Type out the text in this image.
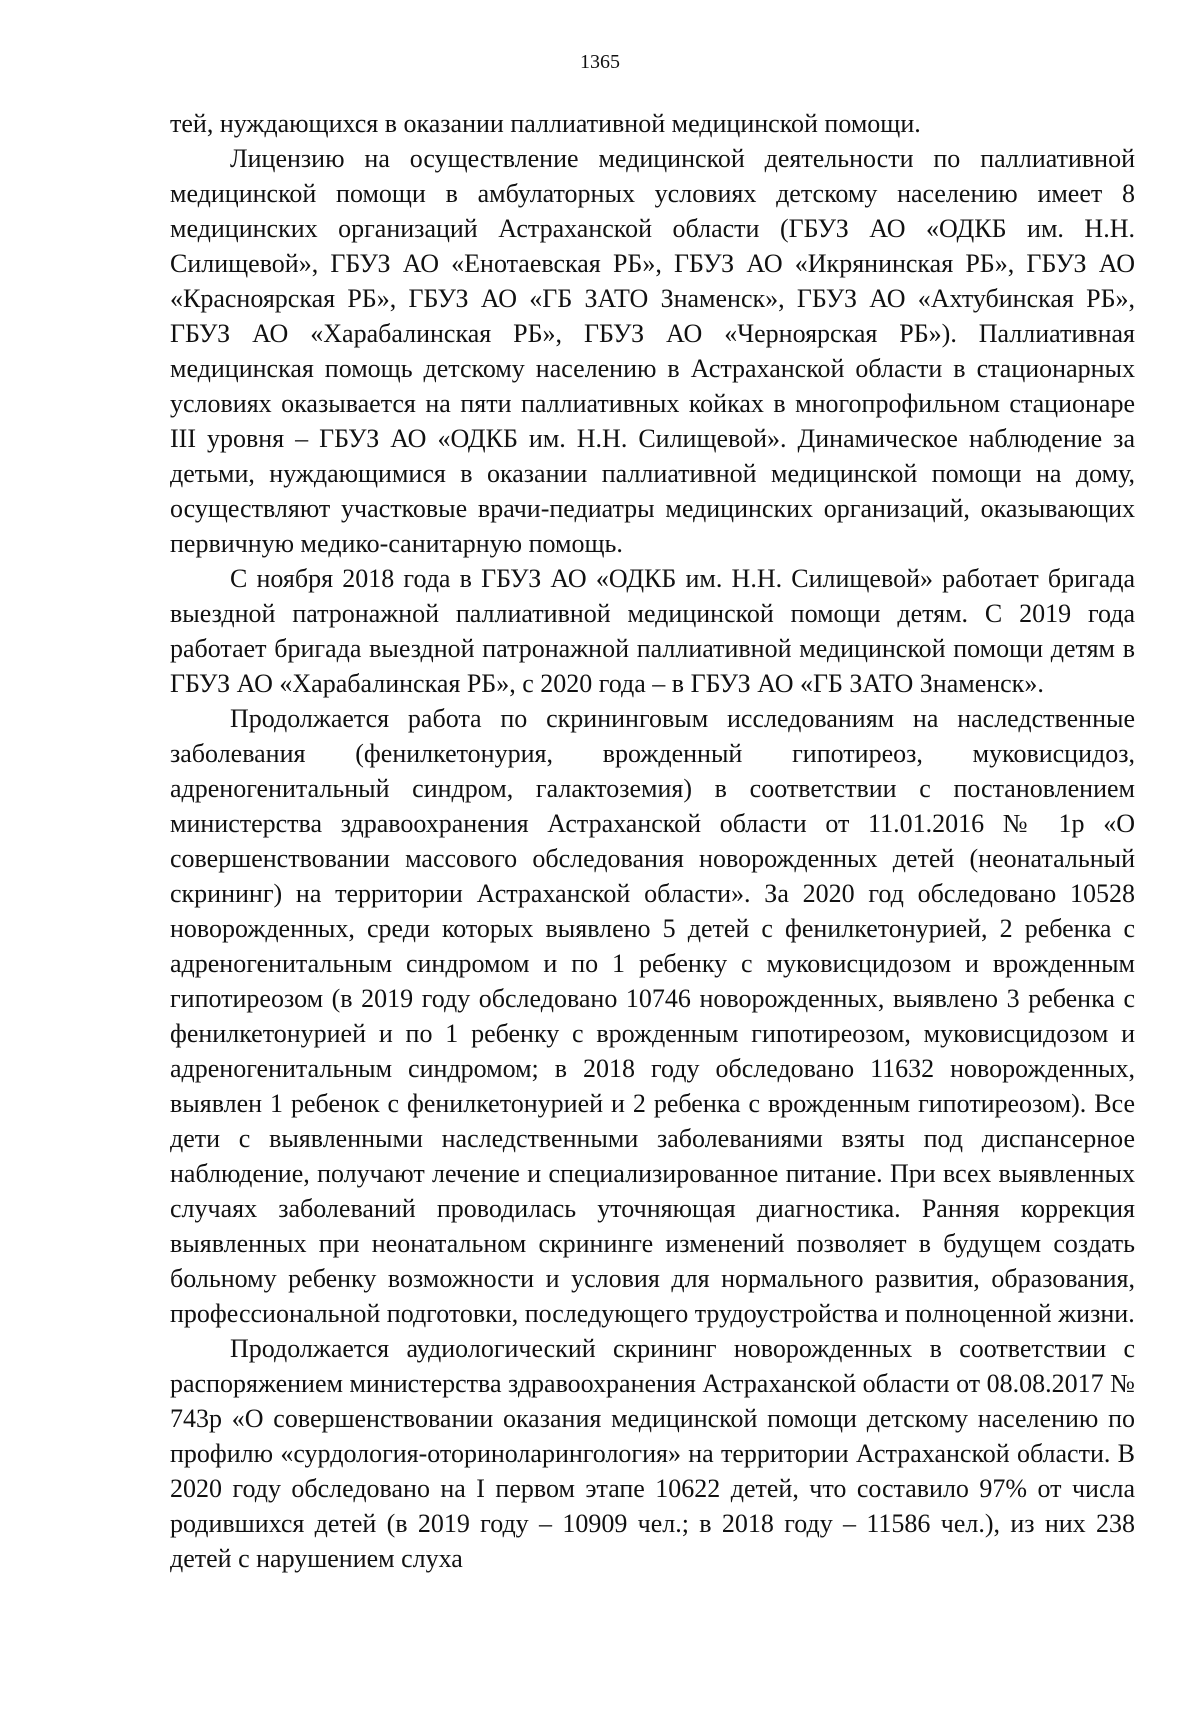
1365

тей, нуждающихся в оказании паллиативной медицинской помощи.

Лицензию на осуществление медицинской деятельности по паллиативной медицинской помощи в амбулаторных условиях детскому населению имеет 8 медицинских организаций Астраханской области (ГБУЗ АО «ОДКБ им. Н.Н. Силищевой», ГБУЗ АО «Енотаевская РБ», ГБУЗ АО «Икрянинская РБ», ГБУЗ АО «Красноярская РБ», ГБУЗ АО «ГБ ЗАТО Знаменск», ГБУЗ АО «Ахтубинская РБ», ГБУЗ АО «Харабалинская РБ», ГБУЗ АО «Черноярская РБ»). Паллиативная медицинская помощь детскому населению в Астраханской области в стационарных условиях оказывается на пяти паллиативных койках в многопрофильном стационаре III уровня – ГБУЗ АО «ОДКБ им. Н.Н. Силищевой». Динамическое наблюдение за детьми, нуждающимися в оказании паллиативной медицинской помощи на дому, осуществляют участковые врачи-педиатры медицинских организаций, оказывающих первичную медико-санитарную помощь.

С ноября 2018 года в ГБУЗ АО «ОДКБ им. Н.Н. Силищевой» работает бригада выездной патронажной паллиативной медицинской помощи детям. С 2019 года работает бригада выездной патронажной паллиативной медицинской помощи детям в ГБУЗ АО «Харабалинская РБ», с 2020 года – в ГБУЗ АО «ГБ ЗАТО Знаменск».

Продолжается работа по скрининговым исследованиям на наследственные заболевания (фенилкетонурия, врожденный гипотиреоз, муковисцидоз, адреногенитальный синдром, галактоземия) в соответствии с постановлением министерства здравоохранения Астраханской области от 11.01.2016 № 1р «О совершенствовании массового обследования новорожденных детей (неонатальный скрининг) на территории Астраханской области». За 2020 год обследовано 10528 новорожденных, среди которых выявлено 5 детей с фенилкетонурией, 2 ребенка с адреногенитальным синдромом и по 1 ребенку с муковисцидозом и врожденным гипотиреозом (в 2019 году обследовано 10746 новорожденных, выявлено 3 ребенка с фенилкетонурией и по 1 ребенку с врожденным гипотиреозом, муковисцидозом и адреногенитальным синдромом; в 2018 году обследовано 11632 новорожденных, выявлен 1 ребенок с фенилкетонурией и 2 ребенка с врожденным гипотиреозом). Все дети с выявленными наследственными заболеваниями взяты под диспансерное наблюдение, получают лечение и специализированное питание. При всех выявленных случаях заболеваний проводилась уточняющая диагностика. Ранняя коррекция выявленных при неонатальном скрининге изменений позволяет в будущем создать больному ребенку возможности и условия для нормального развития, образования, профессиональной подготовки, последующего трудоустройства и полноценной жизни.

Продолжается аудиологический скрининг новорожденных в соответствии с распоряжением министерства здравоохранения Астраханской области от 08.08.2017 № 743р «О совершенствовании оказания медицинской помощи детскому населению по профилю «сурдология-оториноларингология» на территории Астраханской области. В 2020 году обследовано на I первом этапе 10622 детей, что составило 97% от числа родившихся детей (в 2019 году – 10909 чел.; в 2018 году – 11586 чел.), из них 238 детей с нарушением слуха
